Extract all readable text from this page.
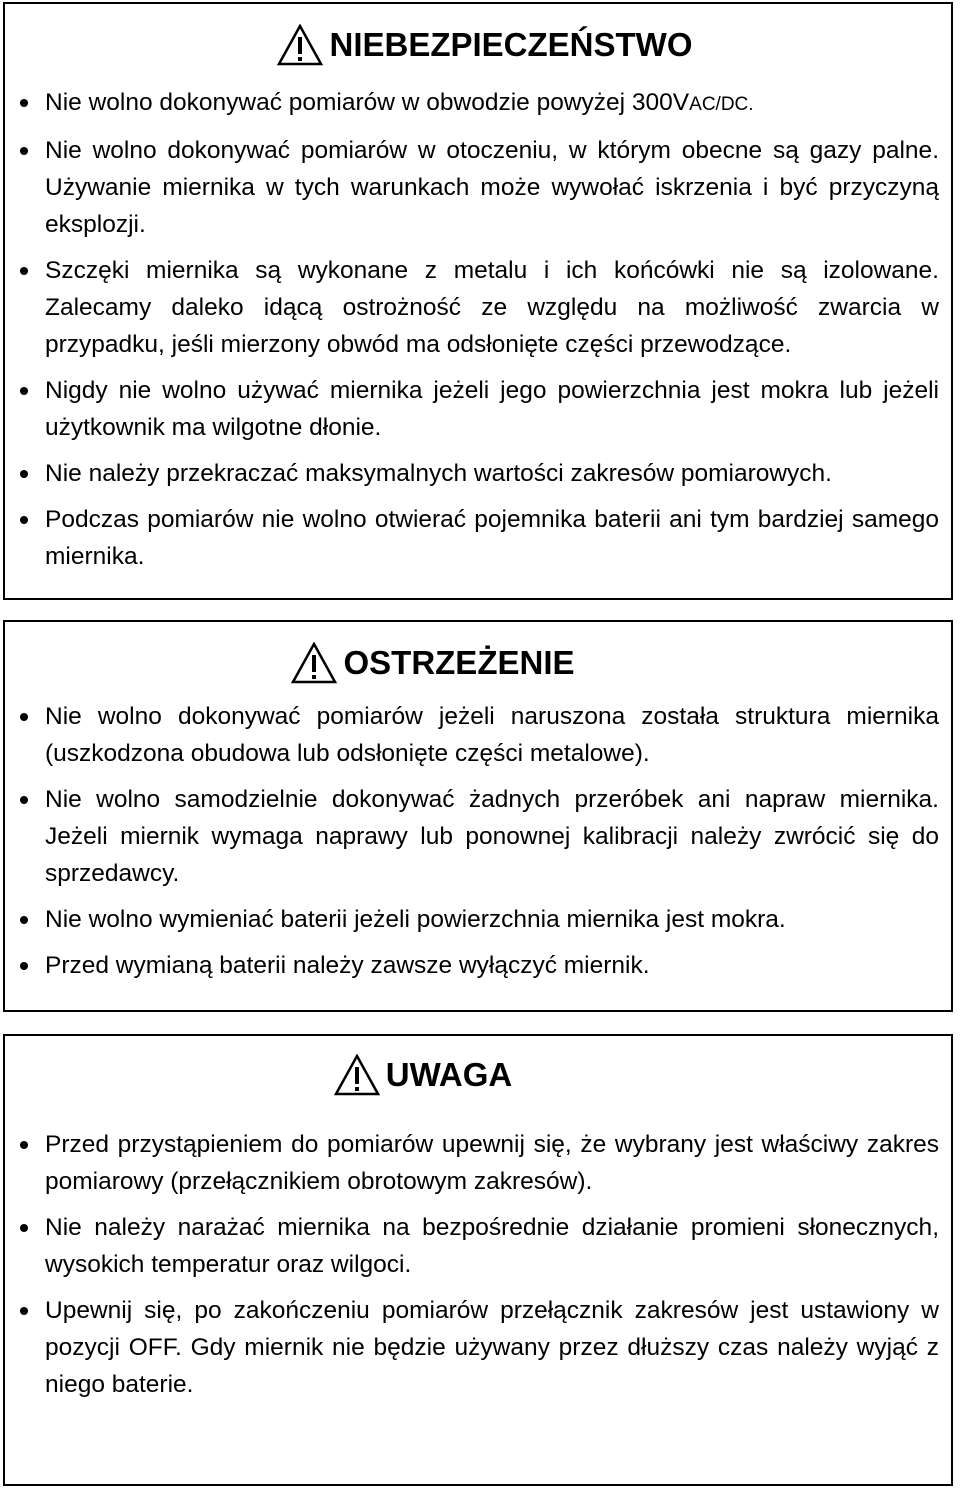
NIEBEZPIECZEŃSTWO
Nie wolno dokonywać pomiarów w obwodzie powyżej 300VAC/DC.
Nie wolno dokonywać pomiarów w otoczeniu, w którym obecne są gazy palne. Używanie miernika w tych warunkach może wywołać iskrzenia i być przyczyną eksplozji.
Szczęki miernika są wykonane z metalu i ich końcówki nie są izolowane. Zalecamy daleko idącą ostrożność ze względu na możliwość zwarcia w przypadku, jeśli mierzony obwód ma odsłonięte części przewodzące.
Nigdy nie wolno używać miernika jeżeli jego powierzchnia jest mokra lub jeżeli użytkownik ma wilgotne dłonie.
Nie należy przekraczać maksymalnych wartości zakresów pomiarowych.
Podczas pomiarów nie wolno otwierać pojemnika baterii ani tym bardziej samego miernika.
OSTRZEŻENIE
Nie wolno dokonywać pomiarów jeżeli naruszona została struktura miernika (uszkodzona obudowa lub odsłonięte części metalowe).
Nie wolno samodzielnie dokonywać żadnych przeróbek ani napraw miernika. Jeżeli miernik wymaga naprawy lub ponownej kalibracji należy zwrócić się do sprzedawcy.
Nie wolno wymieniać baterii jeżeli powierzchnia miernika jest mokra.
Przed wymianą baterii należy zawsze wyłączyć miernik.
UWAGA
Przed przystąpieniem do pomiarów upewnij się, że wybrany jest właściwy zakres pomiarowy (przełącznikiem obrotowym zakresów).
Nie należy narażać miernika na bezpośrednie działanie promieni słonecznych, wysokich temperatur oraz wilgoci.
Upewnij się, po zakończeniu pomiarów przełącznik zakresów jest ustawiony w pozycji OFF. Gdy miernik nie będzie używany przez dłuższy czas należy wyjąć z niego baterie.
